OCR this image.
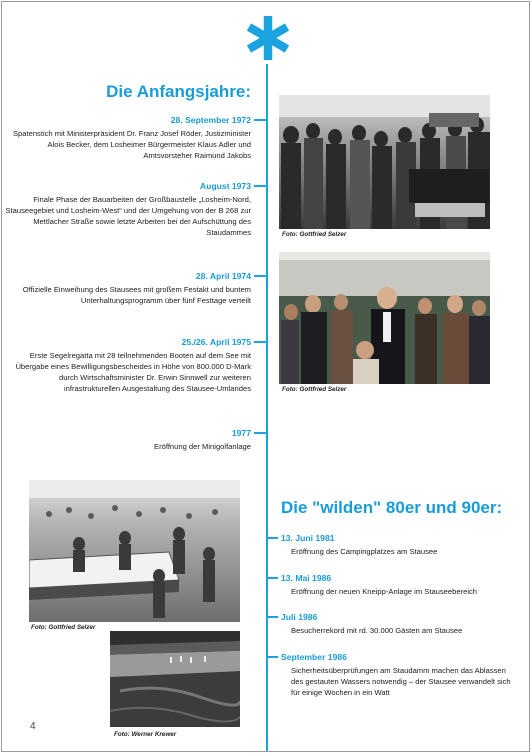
Die Anfangsjahre:

28. September 1972

Spatenstich mit Ministerpräsident Dr. Franz Josef Röder, Justizminister Alois Becker, dem Losheimer Bürgermeister Klaus Adler und Amtsvorsteher Raimund Jakobs

August 1973

Finale Phase der Bauarbeiten der Großbaustelle „Losheim-Nord, Stauseegebiet und Losheim-West“ und der Umgehung von der B 268 zur Mettlacher Straße sowie letzte Arbeiten bei der Aufschüttung des Staudammes

28. April 1974

Offizielle Einweihung des Stausees mit großem Festakt und buntem Unterhaltungsprogramm über fünf Festtage verteilt

25./26. April 1975

Erste Segelregatta mit 28 teilnehmenden Booten auf dem See mit Übergabe eines Bewilligungsbescheides in Höhe von 800.000 D-Mark durch Wirtschaftsminister Dr. Erwin Sinnwell zur weiteren infrastrukturellen Ausgestaltung des Stausee-Umlandes

1977

Eröffnung der Minigolfanlage

Foto: Gottfried Selzer
Foto: Gottfried Selzer
Foto: Gottfried Selzer
Foto: Werner Krewer
Die "wilden" 80er und 90er:

13. Juni 1981

Eröffnung des Campingplatzes am Stausee

13. Mai 1986

Eröffnung der neuen Kneipp-Anlage im Stauseebereich

Juli 1986

Besucherrekord mit rd. 30.000 Gästen am Stausee

September 1986

Sicherheitsüberprüfungen am Staudamm machen das Ablassen des gestauten Wassers notwendig – der Stausee verwandelt sich für einige Wochen in ein Watt

4
